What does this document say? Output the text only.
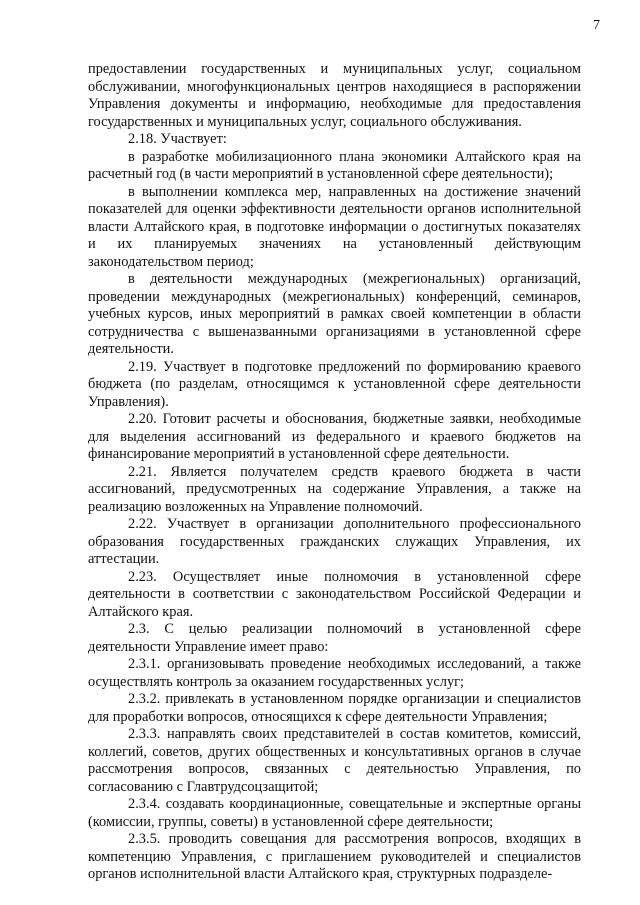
7

предоставлении государственных и муниципальных услуг, социальном обслуживании, многофункциональных центров находящиеся в распоряжении Управления документы и информацию, необходимые для предоставления государственных и муниципальных услуг, социального обслуживания.

2.18. Участвует:

в разработке мобилизационного плана экономики Алтайского края на расчетный год (в части мероприятий в установленной сфере деятельности);

в выполнении комплекса мер, направленных на достижение значений показателей для оценки эффективности деятельности органов исполнительной власти Алтайского края, в подготовке информации о достигнутых показателях и их планируемых значениях на установленный действующим законодательством период;

в деятельности международных (межрегиональных) организаций, проведении международных (межрегиональных) конференций, семинаров, учебных курсов, иных мероприятий в рамках своей компетенции в области сотрудничества с вышеназванными организациями в установленной сфере деятельности.

2.19. Участвует в подготовке предложений по формированию краевого бюджета (по разделам, относящимся к установленной сфере деятельности Управления).

2.20. Готовит расчеты и обоснования, бюджетные заявки, необходимые для выделения ассигнований из федерального и краевого бюджетов на финансирование мероприятий в установленной сфере деятельности.

2.21. Является получателем средств краевого бюджета в части ассигнований, предусмотренных на содержание Управления, а также на реализацию возложенных на Управление полномочий.

2.22. Участвует в организации дополнительного профессионального образования государственных гражданских служащих Управления, их аттестации.

2.23. Осуществляет иные полномочия в установленной сфере деятельности в соответствии с законодательством Российской Федерации и Алтайского края.

2.3. С целью реализации полномочий в установленной сфере деятельности Управление имеет право:

2.3.1. организовывать проведение необходимых исследований, а также осуществлять контроль за оказанием государственных услуг;

2.3.2. привлекать в установленном порядке организации и специалистов для проработки вопросов, относящихся к сфере деятельности Управления;

2.3.3. направлять своих представителей в состав комитетов, комиссий, коллегий, советов, других общественных и консультативных органов в случае рассмотрения вопросов, связанных с деятельностью Управления, по согласованию с Главтрудсоцзащитой;

2.3.4. создавать координационные, совещательные и экспертные органы (комиссии, группы, советы) в установленной сфере деятельности;

2.3.5. проводить совещания для рассмотрения вопросов, входящих в компетенцию Управления, с приглашением руководителей и специалистов органов исполнительной власти Алтайского края, структурных подразделе-
